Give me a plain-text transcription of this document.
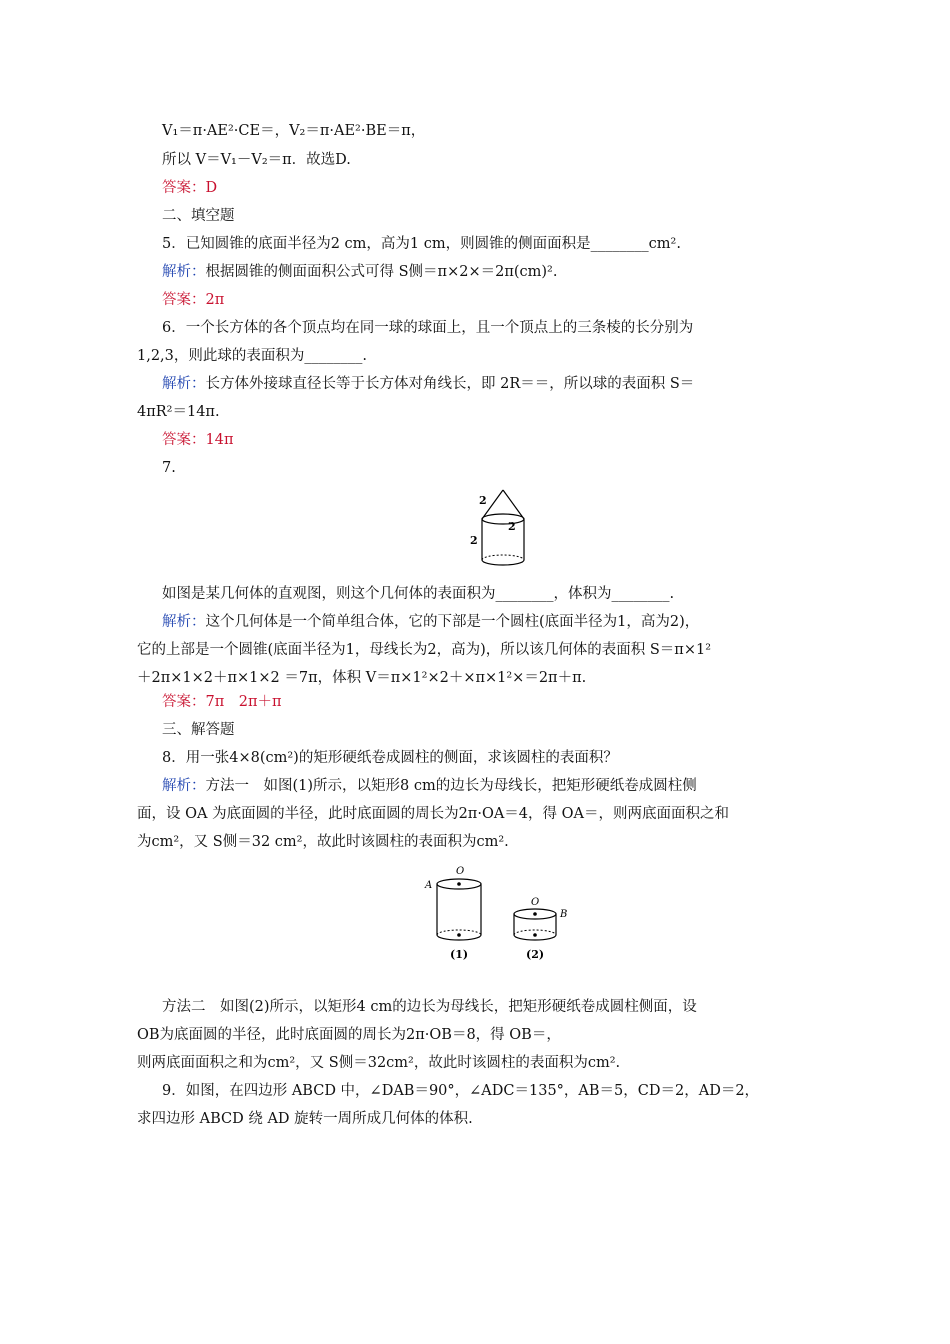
V₁＝π·AE²·CE＝，V₂＝π·AE²·BE＝π，
所以 V＝V₁－V₂＝π．故选D.
答案：D
二、填空题
5．已知圆锥的底面半径为2 cm，高为1 cm，则圆锥的侧面面积是________cm².
解析：根据圆锥的侧面面积公式可得 S侧＝π×2×＝2π(cm)².
答案：2π
6．一个长方体的各个顶点均在同一球的球面上，且一个顶点上的三条棱的长分别为
1,2,3，则此球的表面积为________.
解析：长方体外接球直径长等于长方体对角线长，即 2R＝＝，所以球的表面积 S＝
4πR²＝14π.
答案：14π
7.
2
2
2
如图是某几何体的直观图，则这个几何体的表面积为________，体积为________.
解析：这个几何体是一个简单组合体，它的下部是一个圆柱(底面半径为1，高为2)，
它的上部是一个圆锥(底面半径为1，母线长为2，高为)，所以该几何体的表面积 S＝π×1²
＋2π×1×2＋π×1×2 ＝7π，体积 V＝π×1²×2＋×π×1²×＝2π＋π.
答案：7π　2π＋π
三、解答题
8．用一张4×8(cm²)的矩形硬纸卷成圆柱的侧面，求该圆柱的表面积？
解析：方法一　如图(1)所示，以矩形8 cm的边长为母线长，把矩形硬纸卷成圆柱侧
面，设 OA 为底面圆的半径，此时底面圆的周长为2π·OA＝4，得 OA＝，则两底面面积之和
为cm²，又 S侧＝32 cm²，故此时该圆柱的表面积为cm².
O
A
O
B
(1)	(2)
方法二　如图(2)所示，以矩形4 cm的边长为母线长，把矩形硬纸卷成圆柱侧面，设
OB为底面圆的半径，此时底面圆的周长为2π·OB＝8，得 OB＝，
则两底面面积之和为cm²，又 S侧＝32cm²，故此时该圆柱的表面积为cm².
9．如图，在四边形 ABCD 中，∠DAB＝90°，∠ADC＝135°，AB＝5，CD＝2，AD＝2，
求四边形 ABCD 绕 AD 旋转一周所成几何体的体积.
